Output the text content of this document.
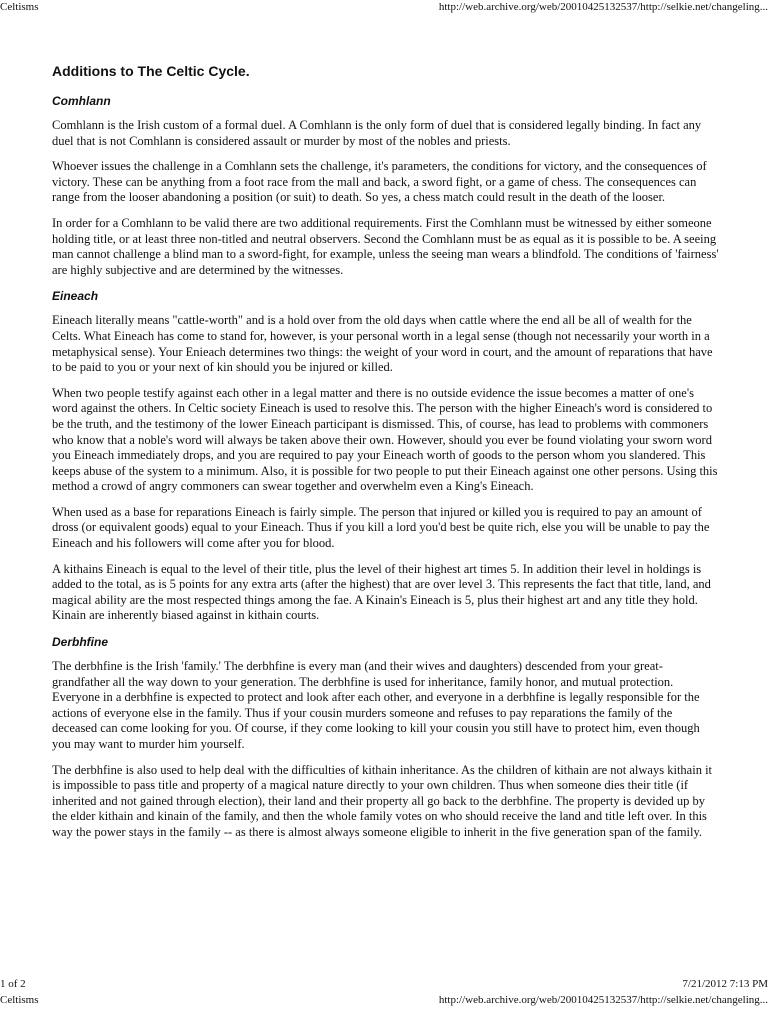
Celtisms	http://web.archive.org/web/20010425132537/http://selkie.net/changeling...
Additions to The Celtic Cycle.
Comhlann

Comhlann is the Irish custom of a formal duel. A Comhlann is the only form of duel that is considered legally binding. In fact any duel that is not Comhlann is considered assault or murder by most of the nobles and priests.

Whoever issues the challenge in a Comhlann sets the challenge, it's parameters, the conditions for victory, and the consequences of victory. These can be anything from a foot race from the mall and back, a sword fight, or a game of chess. The consequences can range from the looser abandoning a position (or suit) to death. So yes, a chess match could result in the death of the looser.

In order for a Comhlann to be valid there are two additional requirements. First the Comhlann must be witnessed by either someone holding title, or at least three non-titled and neutral observers. Second the Comhlann must be as equal as it is possible to be. A seeing man cannot challenge a blind man to a sword-fight, for example, unless the seeing man wears a blindfold. The conditions of 'fairness' are highly subjective and are determined by the witnesses.

Eineach

Eineach literally means "cattle-worth" and is a hold over from the old days when cattle where the end all be all of wealth for the Celts. What Eineach has come to stand for, however, is your personal worth in a legal sense (though not necessarily your worth in a metaphysical sense). Your Enieach determines two things: the weight of your word in court, and the amount of reparations that have to be paid to you or your next of kin should you be injured or killed.

When two people testify against each other in a legal matter and there is no outside evidence the issue becomes a matter of one's word against the others. In Celtic society Eineach is used to resolve this. The person with the higher Eineach's word is considered to be the truth, and the testimony of the lower Eineach participant is dismissed. This, of course, has lead to problems with commoners who know that a noble's word will always be taken above their own. However, should you ever be found violating your sworn word you Eineach immediately drops, and you are required to pay your Eineach worth of goods to the person whom you slandered. This keeps abuse of the system to a minimum. Also, it is possible for two people to put their Eineach against one other persons. Using this method a crowd of angry commoners can swear together and overwhelm even a King's Eineach.

When used as a base for reparations Eineach is fairly simple. The person that injured or killed you is required to pay an amount of dross (or equivalent goods) equal to your Eineach. Thus if you kill a lord you'd best be quite rich, else you will be unable to pay the Eineach and his followers will come after you for blood.

A kithains Eineach is equal to the level of their title, plus the level of their highest art times 5. In addition their level in holdings is added to the total, as is 5 points for any extra arts (after the highest) that are over level 3. This represents the fact that title, land, and magical ability are the most respected things among the fae. A Kinain's Eineach is 5, plus their highest art and any title they hold. Kinain are inherently biased against in kithain courts.

Derbhfine

The derbhfine is the Irish 'family.' The derbhfine is every man (and their wives and daughters) descended from your great-grandfather all the way down to your generation. The derbhfine is used for inheritance, family honor, and mutual protection. Everyone in a derbhfine is expected to protect and look after each other, and everyone in a derbhfine is legally responsible for the actions of everyone else in the family. Thus if your cousin murders someone and refuses to pay reparations the family of the deceased can come looking for you. Of course, if they come looking to kill your cousin you still have to protect him, even though you may want to murder him yourself.

The derbhfine is also used to help deal with the difficulties of kithain inheritance. As the children of kithain are not always kithain it is impossible to pass title and property of a magical nature directly to your own children. Thus when someone dies their title (if inherited and not gained through election), their land and their property all go back to the derbhfine. The property is devided up by the elder kithain and kinain of the family, and then the whole family votes on who should receive the land and title left over. In this way the power stays in the family -- as there is almost always someone eligible to inherit in the five generation span of the family.

1 of 2	7/21/2012 7:13 PM
Celtisms	http://web.archive.org/web/20010425132537/http://selkie.net/changeling...
